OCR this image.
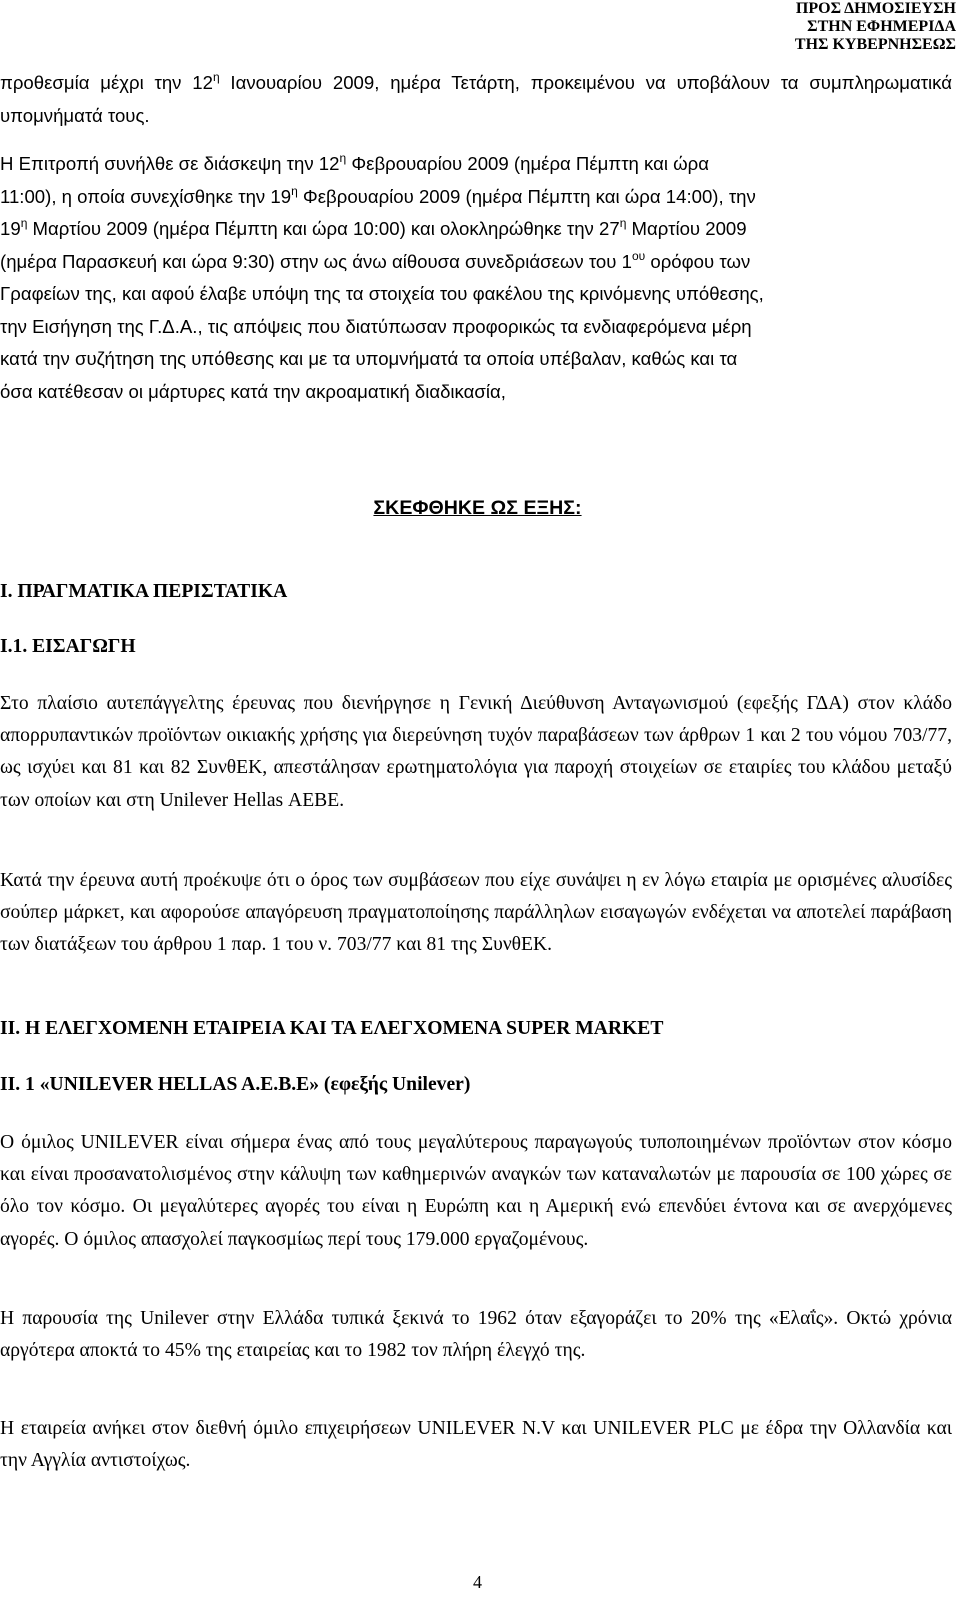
ΠΡΟΣ ΔΗΜΟΣΙΕΥΣΗ
ΣΤΗΝ ΕΦΗΜΕΡΙΔΑ
ΤΗΣ ΚΥΒΕΡΝΗΣΕΩΣ
προθεσμία μέχρι την $12^\eta$ Ιανουαρίου 2009, ημέρα Τετάρτη, προκειμένου να υποβάλουν τα συμπληρωματικά υπομνήματά τους.
Η Επιτροπή συνήλθε σε διάσκεψη την $12^\eta$ Φεβρουαρίου 2009 (ημέρα Πέμπτη και ώρα
11:00), η οποία συνεχίσθηκε την $19^\eta$ Φεβρουαρίου 2009 (ημέρα Πέμπτη και ώρα 14:00), την
$19^\eta$ Μαρτίου 2009 (ημέρα Πέμπτη και ώρα 10:00) και ολοκληρώθηκε την $27^\eta$ Μαρτίου 2009
(ημέρα Παρασκευή και ώρα 9:30) στην ως άνω αίθουσα συνεδριάσεων του $1^{o\upsilon}$ ορόφου των
Γραφείων της, και αφού έλαβε υπόψη της τα στοιχεία του φακέλου της κρινόμενης υπόθεσης,
την Εισήγηση της Γ.Δ.Α., τις απόψεις που διατύπωσαν προφορικώς τα ενδιαφερόμενα μέρη
κατά την συζήτηση της υπόθεσης και με τα υπομνήματά τα οποία υπέβαλαν, καθώς και τα
όσα κατέθεσαν οι μάρτυρες κατά την ακροαματική διαδικασία,
ΣΚΕΦΘΗΚΕ ΩΣ ΕΞΗΣ:
Ι. ΠΡΑΓΜΑΤΙΚΑ ΠΕΡΙΣΤΑΤΙΚΑ
Ι.1. ΕΙΣΑΓΩΓΗ
Στο πλαίσιο αυτεπάγγελτης έρευνας που διενήργησε η Γενική Διεύθυνση Ανταγωνισμού (εφεξής ΓΔΑ) στον κλάδο απορρυπαντικών προϊόντων οικιακής χρήσης για διερεύνηση τυχόν παραβάσεων των άρθρων 1 και 2 του νόμου 703/77, ως ισχύει και 81 και 82 ΣυνθΕΚ, απεστάλησαν ερωτηματολόγια για παροχή στοιχείων σε εταιρίες του κλάδου μεταξύ των οποίων και στη Unilever Hellas ΑΕΒΕ.
Κατά την έρευνα αυτή προέκυψε ότι ο όρος των συμβάσεων που είχε συνάψει η εν λόγω εταιρία με ορισμένες αλυσίδες σούπερ μάρκετ, και αφορούσε απαγόρευση πραγματοποίησης παράλληλων εισαγωγών ενδέχεται να αποτελεί παράβαση των διατάξεων του άρθρου 1 παρ. 1 του ν. 703/77 και 81 της ΣυνθΕΚ.
ΙΙ. Η ΕΛΕΓΧΟΜΕΝΗ ΕΤΑΙΡΕΙΑ ΚΑΙ ΤΑ ΕΛΕΓΧΟΜΕΝΑ SUPER MARKET
ΙΙ. 1 «UNILEVER HELLAS A.E.B.E» (εφεξής Unilever)
Ο όμιλος UNILEVER είναι σήμερα ένας από τους μεγαλύτερους παραγωγούς τυποποιημένων προϊόντων στον κόσμο και είναι προσανατολισμένος στην κάλυψη των καθημερινών αναγκών των καταναλωτών με παρουσία σε 100 χώρες σε όλο τον κόσμο. Οι μεγαλύτερες αγορές του είναι η Ευρώπη και η Αμερική ενώ επενδύει έντονα και σε ανερχόμενες αγορές. Ο όμιλος απασχολεί παγκοσμίως περί τους 179.000 εργαζομένους.
Η παρουσία της Unilever στην Ελλάδα τυπικά ξεκινά το 1962 όταν εξαγοράζει το 20% της «Ελαΐς». Οκτώ χρόνια αργότερα αποκτά το 45% της εταιρείας και το 1982 τον πλήρη έλεγχό της.
Η εταιρεία ανήκει στον διεθνή όμιλο επιχειρήσεων UNILEVER N.V και UNILEVER PLC με έδρα την Ολλανδία και την Αγγλία αντιστοίχως.
4
